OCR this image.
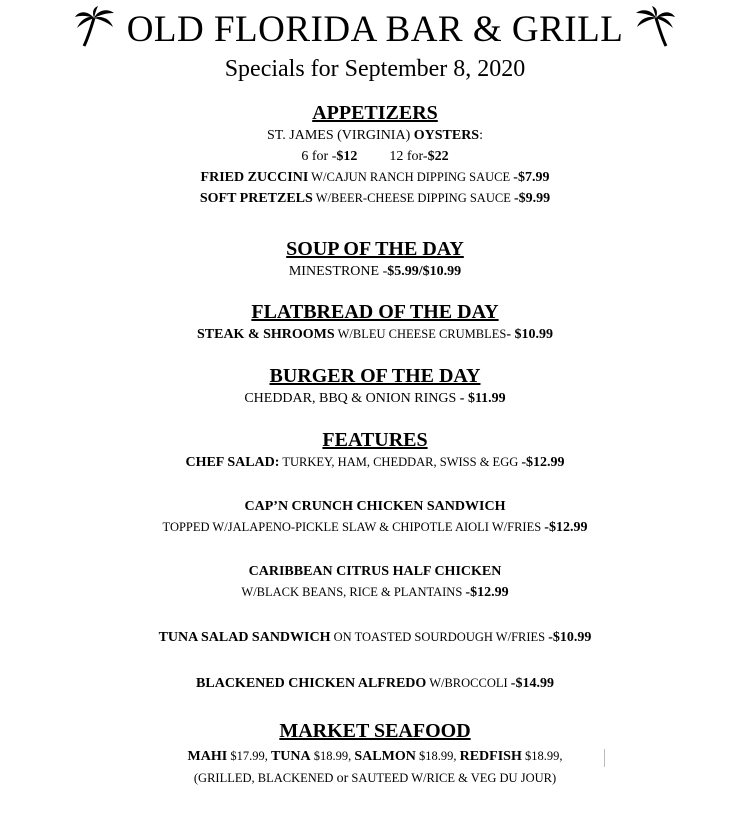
OLD FLORIDA BAR & GRILL
Specials for September 8, 2020
APPETIZERS
ST. JAMES (VIRGINIA) OYSTERS:
6 for -$12 12 for-$22
FRIED ZUCCINI W/CAJUN RANCH DIPPING SAUCE -$7.99
SOFT PRETZELS W/BEER-CHEESE DIPPING SAUCE -$9.99
SOUP OF THE DAY
MINESTRONE -$5.99/$10.99
FLATBREAD OF THE DAY
STEAK & SHROOMS W/BLEU CHEESE CRUMBLES- $10.99
BURGER OF THE DAY
CHEDDAR, BBQ & ONION RINGS - $11.99
FEATURES
CHEF SALAD: TURKEY, HAM, CHEDDAR, SWISS & EGG -$12.99
CAP’N CRUNCH CHICKEN SANDWICH
TOPPED W/JALAPENO-PICKLE SLAW & CHIPOTLE AIOLI W/FRIES -$12.99
CARIBBEAN CITRUS HALF CHICKEN
W/BLACK BEANS, RICE & PLANTAINS -$12.99
TUNA SALAD SANDWICH ON TOASTED SOURDOUGH W/FRIES -$10.99
BLACKENED CHICKEN ALFREDO W/BROCCOLI -$14.99
MARKET SEAFOOD
MAHI $17.99, TUNA $18.99, SALMON $18.99, REDFISH $18.99,
(GRILLED, BLACKENED or SAUTEED W/RICE & VEG DU JOUR)
